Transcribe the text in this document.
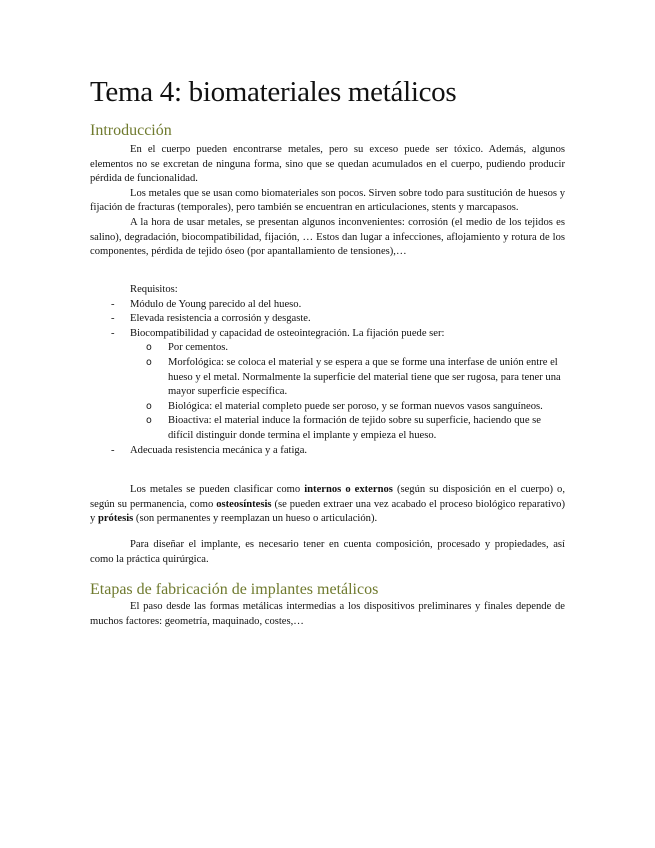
Tema 4: biomateriales metálicos
Introducción

En el cuerpo pueden encontrarse metales, pero su exceso puede ser tóxico. Además, algunos elementos no se excretan de ninguna forma, sino que se quedan acumulados en el cuerpo, pudiendo producir pérdida de funcionalidad.

Los metales que se usan como biomateriales son pocos. Sirven sobre todo para sustitución de huesos y fijación de fracturas (temporales), pero también se encuentran en articulaciones, stents y marcapasos.

A la hora de usar metales, se presentan algunos inconvenientes: corrosión (el medio de los tejidos es salino), degradación, biocompatibilidad, fijación, … Estos dan lugar a infecciones, aflojamiento y rotura de los componentes, pérdida de tejido óseo (por apantallamiento de tensiones),…

Requisitos:

- Módulo de Young parecido al del hueso.
- Elevada resistencia a corrosión y desgaste.
- Biocompatibilidad y capacidad de osteointegración. La fijación puede ser:
o Por cementos.
o Morfológica: se coloca el material y se espera a que se forme una interfase de unión entre el hueso y el metal. Normalmente la superficie del material tiene que ser rugosa, para tener una mayor superficie específica.
o Biológica: el material completo puede ser poroso, y se forman nuevos vasos sanguíneos.
o Bioactiva: el material induce la formación de tejido sobre su superficie, haciendo que se difícil distinguir donde termina el implante y empieza el hueso.
- Adecuada resistencia mecánica y a fatiga.

Los metales se pueden clasificar como internos o externos (según su disposición en el cuerpo) o, según su permanencia, como osteosíntesis (se pueden extraer una vez acabado el proceso biológico reparativo) y prótesis (son permanentes y reemplazan un hueso o articulación).

Para diseñar el implante, es necesario tener en cuenta composición, procesado y propiedades, así como la práctica quirúrgica.

Etapas de fabricación de implantes metálicos

El paso desde las formas metálicas intermedias a los dispositivos preliminares y finales depende de muchos factores: geometría, maquinado, costes,…
